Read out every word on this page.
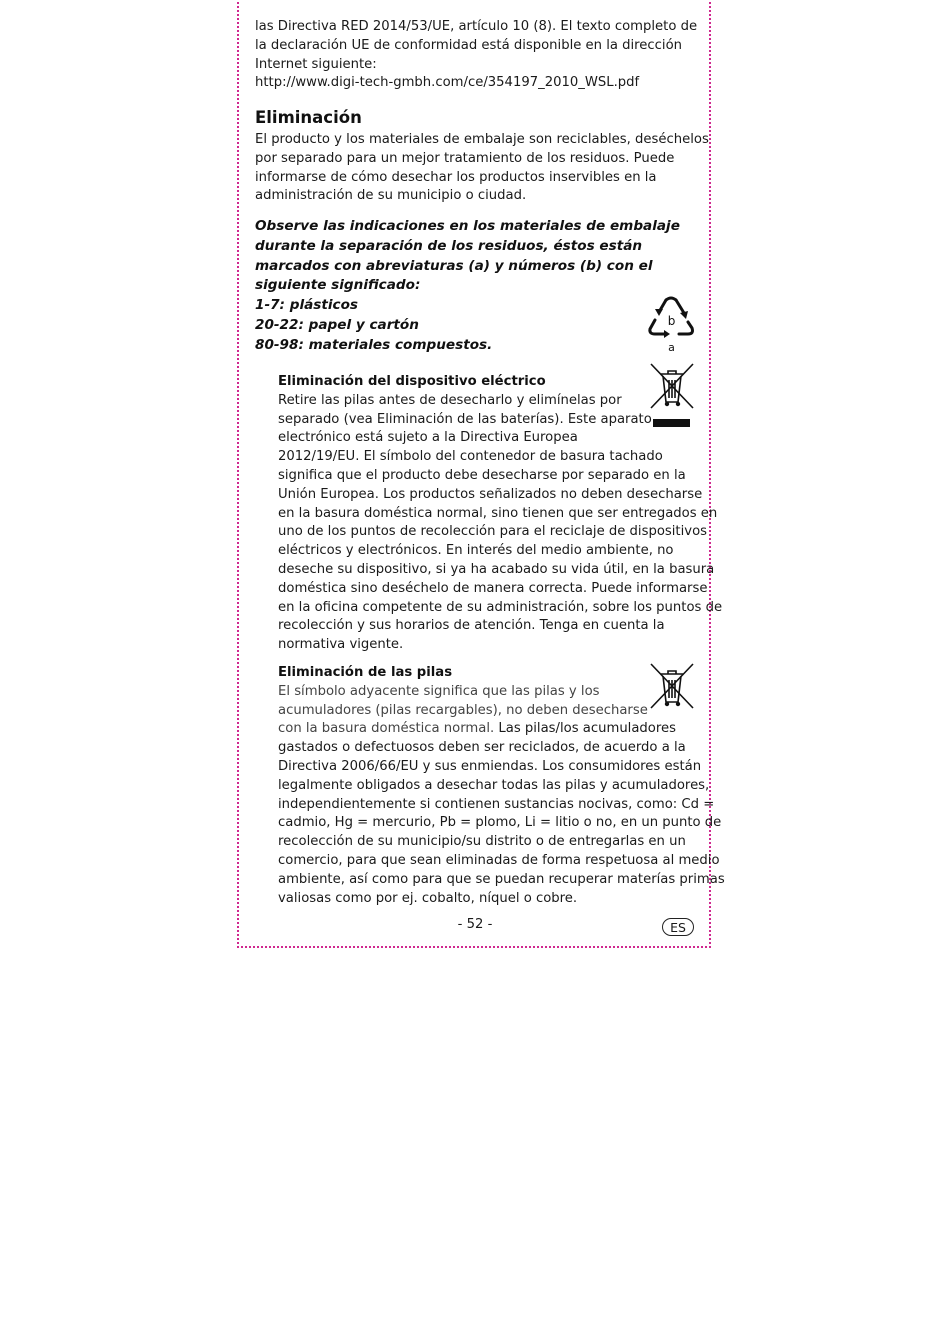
las Directiva RED 2014/53/UE, artículo 10 (8). El texto completo de
la declaración UE de conformidad está disponible en la dirección
Internet siguiente:
http://www.digi-tech-gmbh.com/ce/354197_2010_WSL.pdf
Eliminación
El producto y los materiales de embalaje son reciclables, deséchelos
por separado para un mejor tratamiento de los residuos. Puede
informarse de cómo desechar los productos inservibles en la
administración de su municipio o ciudad.
Observe las indicaciones en los materiales de embalaje
durante la separación de los residuos, éstos están
marcados con abreviaturas (a) y números (b) con el
siguiente significado:
1-7: plásticos
20-22: papel y cartón
80-98: materiales compuestos.
b
a
Eliminación del dispositivo eléctrico
Retire las pilas antes de desecharlo y elimínelas por
separado (vea Eliminación de las baterías). Este aparato
electrónico está sujeto a la Directiva Europea
2012/19/EU. El símbolo del contenedor de basura tachado
significa que el producto debe desecharse por separado en la
Unión Europea. Los productos señalizados no deben desecharse
en la basura doméstica normal, sino tienen que ser entregados en
uno de los puntos de recolección para el reciclaje de dispositivos
eléctricos y electrónicos. En interés del medio ambiente, no
deseche su dispositivo, si ya ha acabado su vida útil, en la basura
doméstica sino deséchelo de manera correcta. Puede informarse
en la oficina competente de su administración, sobre los puntos de
recolección y sus horarios de atención. Tenga en cuenta la
normativa vigente.
Eliminación de las pilas
El símbolo adyacente significa que las pilas y los
acumuladores (pilas recargables), no deben desecharse
con la basura doméstica normal. Las pilas/los acumuladores
gastados o defectuosos deben ser reciclados, de acuerdo a la
Directiva 2006/66/EU y sus enmiendas. Los consumidores están
legalmente obligados a desechar todas las pilas y acumuladores,
independientemente si contienen sustancias nocivas, como: Cd =
cadmio, Hg = mercurio, Pb = plomo, Li = litio o no, en un punto de
recolección de su municipio/su distrito o de entregarlas en un
comercio, para que sean eliminadas de forma respetuosa al medio
ambiente, así como para que se puedan recuperar materías primas
valiosas como por ej. cobalto, níquel o cobre.
- 52 -	ES
